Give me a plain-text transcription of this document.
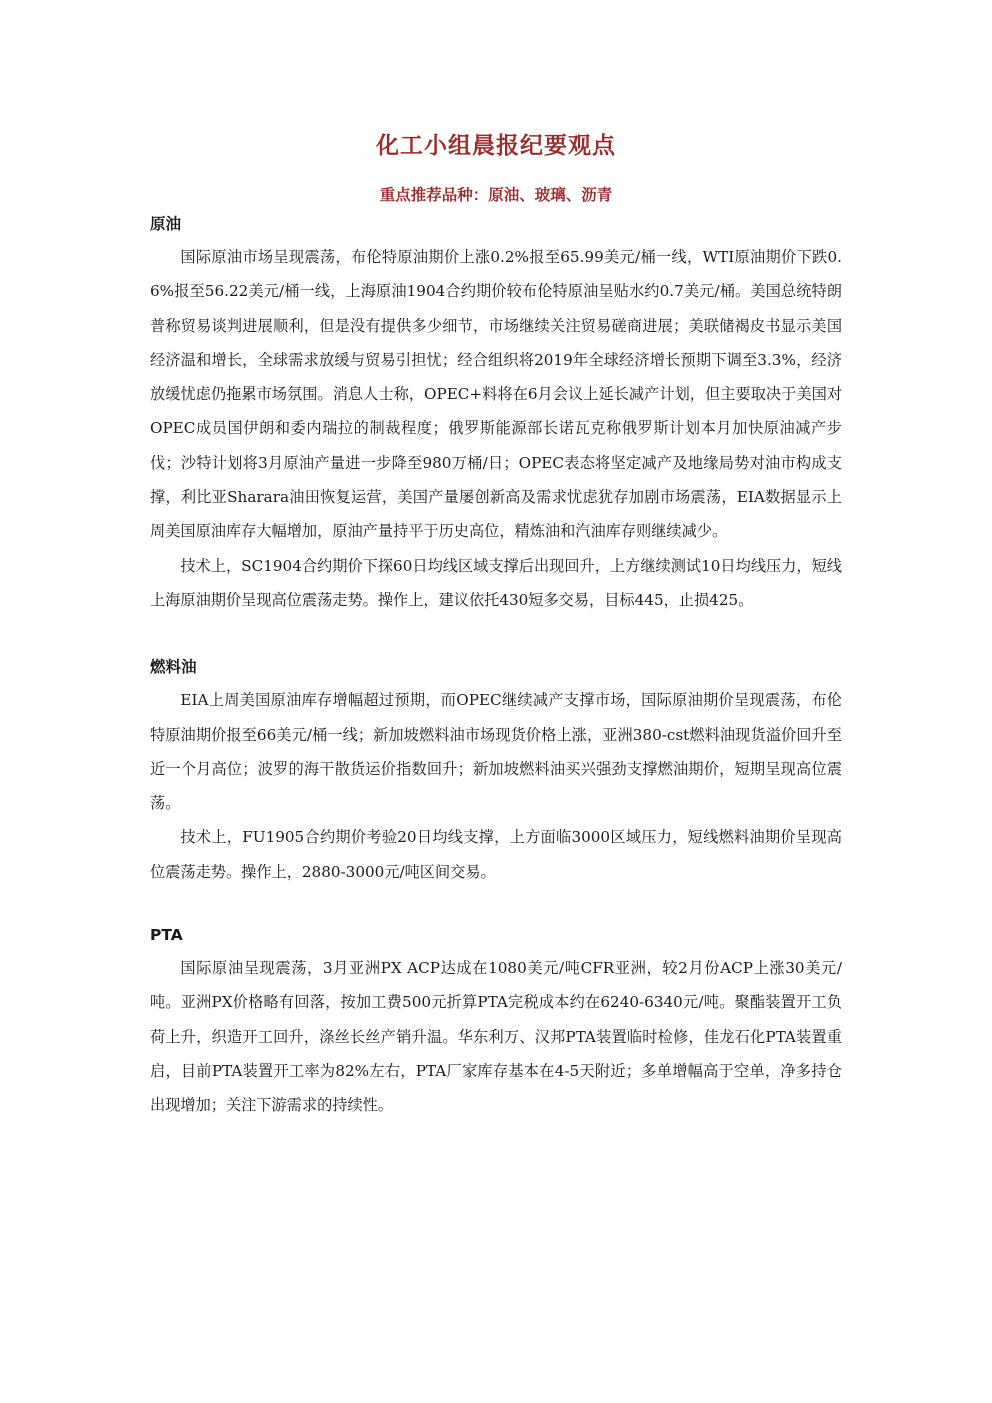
化工小组晨报纪要观点
重点推荐品种：原油、玻璃、沥青
原油

国际原油市场呈现震荡，布伦特原油期价上涨0.2%报至65.99美元/桶一线，WTI原油期价下跌0.6%报至56.22美元/桶一线，上海原油1904合约期价较布伦特原油呈贴水约0.7美元/桶。美国总统特朗普称贸易谈判进展顺利，但是没有提供多少细节，市场继续关注贸易磋商进展；美联储褐皮书显示美国经济温和增长，全球需求放缓与贸易引担忧；经合组织将2019年全球经济增长预期下调至3.3%，经济放缓忧虑仍拖累市场氛围。消息人士称，OPEC+料将在6月会议上延长减产计划，但主要取决于美国对OPEC成员国伊朗和委内瑞拉的制裁程度；俄罗斯能源部长诺瓦克称俄罗斯计划本月加快原油减产步伐；沙特计划将3月原油产量进一步降至980万桶/日；OPEC表态将坚定减产及地缘局势对油市构成支撑，利比亚Sharara油田恢复运营，美国产量屡创新高及需求忧虑犹存加剧市场震荡，EIA数据显示上周美国原油库存大幅增加，原油产量持平于历史高位，精炼油和汽油库存则继续减少。

技术上，SC1904合约期价下探60日均线区域支撑后出现回升，上方继续测试10日均线压力，短线上海原油期价呈现高位震荡走势。操作上，建议依托430短多交易，目标445，止损425。

燃料油

EIA上周美国原油库存增幅超过预期，而OPEC继续减产支撑市场，国际原油期价呈现震荡，布伦特原油期价报至66美元/桶一线；新加坡燃料油市场现货价格上涨，亚洲380-cst燃料油现货溢价回升至近一个月高位；波罗的海干散货运价指数回升；新加坡燃料油买兴强劲支撑燃油期价，短期呈现高位震荡。

技术上，FU1905合约期价考验20日均线支撑，上方面临3000区域压力，短线燃料油期价呈现高位震荡走势。操作上，2880-3000元/吨区间交易。

PTA

国际原油呈现震荡，3月亚洲PX ACP达成在1080美元/吨CFR亚洲，较2月份ACP上涨30美元/吨。亚洲PX价格略有回落，按加工费500元折算PTA完税成本约在6240-6340元/吨。聚酯装置开工负荷上升，织造开工回升，涤丝长丝产销升温。华东利万、汉邦PTA装置临时检修，佳龙石化PTA装置重启，目前PTA装置开工率为82%左右，PTA厂家库存基本在4-5天附近；多单增幅高于空单，净多持仓出现增加；关注下游需求的持续性。
